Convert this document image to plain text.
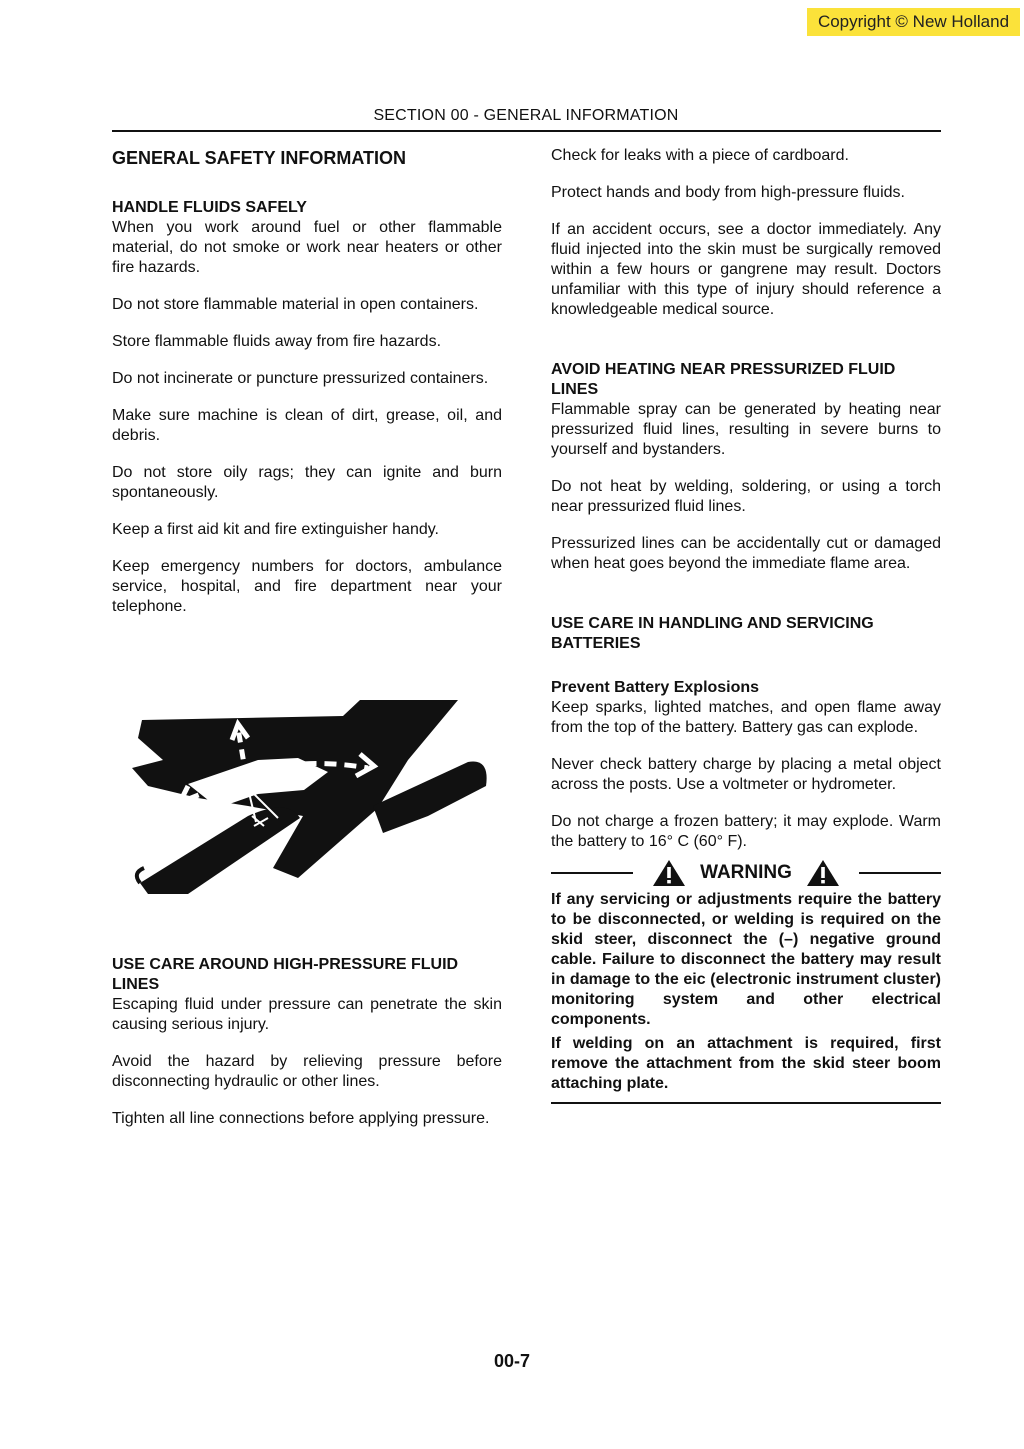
Copyright © New Holland
SECTION 00 - GENERAL INFORMATION
GENERAL SAFETY INFORMATION
HANDLE FLUIDS SAFELY

When you work around fuel or other flammable material, do not smoke or work near heaters or other fire hazards.

Do not store flammable material in open containers.

Store flammable fluids away from fire hazards.

Do not incinerate or puncture pressurized containers.

Make sure machine is clean of dirt, grease, oil, and debris.

Do not store oily rags; they can ignite and burn spontaneously.

Keep a first aid kit and fire extinguisher handy.

Keep emergency numbers for doctors, ambulance service, hospital, and fire department near your telephone.

USE CARE AROUND HIGH-PRESSURE FLUID LINES

Escaping fluid under pressure can penetrate the skin causing serious injury.

Avoid the hazard by relieving pressure before disconnecting hydraulic or other lines.

Tighten all line connections before applying pressure.

Check for leaks with a piece of cardboard.

Protect hands and body from high-pressure fluids.

If an accident occurs, see a doctor immediately. Any fluid injected into the skin must be surgically removed within a few hours or gangrene may result. Doctors unfamiliar with this type of injury should reference a knowledgeable medical source.

AVOID HEATING NEAR PRESSURIZED FLUID LINES

Flammable spray can be generated by heating near pressurized fluid lines, resulting in severe burns to yourself and bystanders.

Do not heat by welding, soldering, or using a torch near pressurized fluid lines.

Pressurized lines can be accidentally cut or damaged when heat goes beyond the immediate flame area.

USE CARE IN HANDLING AND SERVICING BATTERIES
Prevent Battery Explosions

Keep sparks, lighted matches, and open flame away from the top of the battery. Battery gas can explode.

Never check battery charge by placing a metal object across the posts. Use a voltmeter or hydrometer.

Do not charge a frozen battery; it may explode. Warm the battery to 16° C (60° F).

WARNING

If any servicing or adjustments require the battery to be disconnected, or welding is required on the skid steer, disconnect the (–) negative ground cable. Failure to disconnect the battery may result in damage to the eic (electronic instrument cluster) monitoring system and other electrical components.

If welding on an attachment is required, first remove the attachment from the skid steer boom attaching plate.

00-7
